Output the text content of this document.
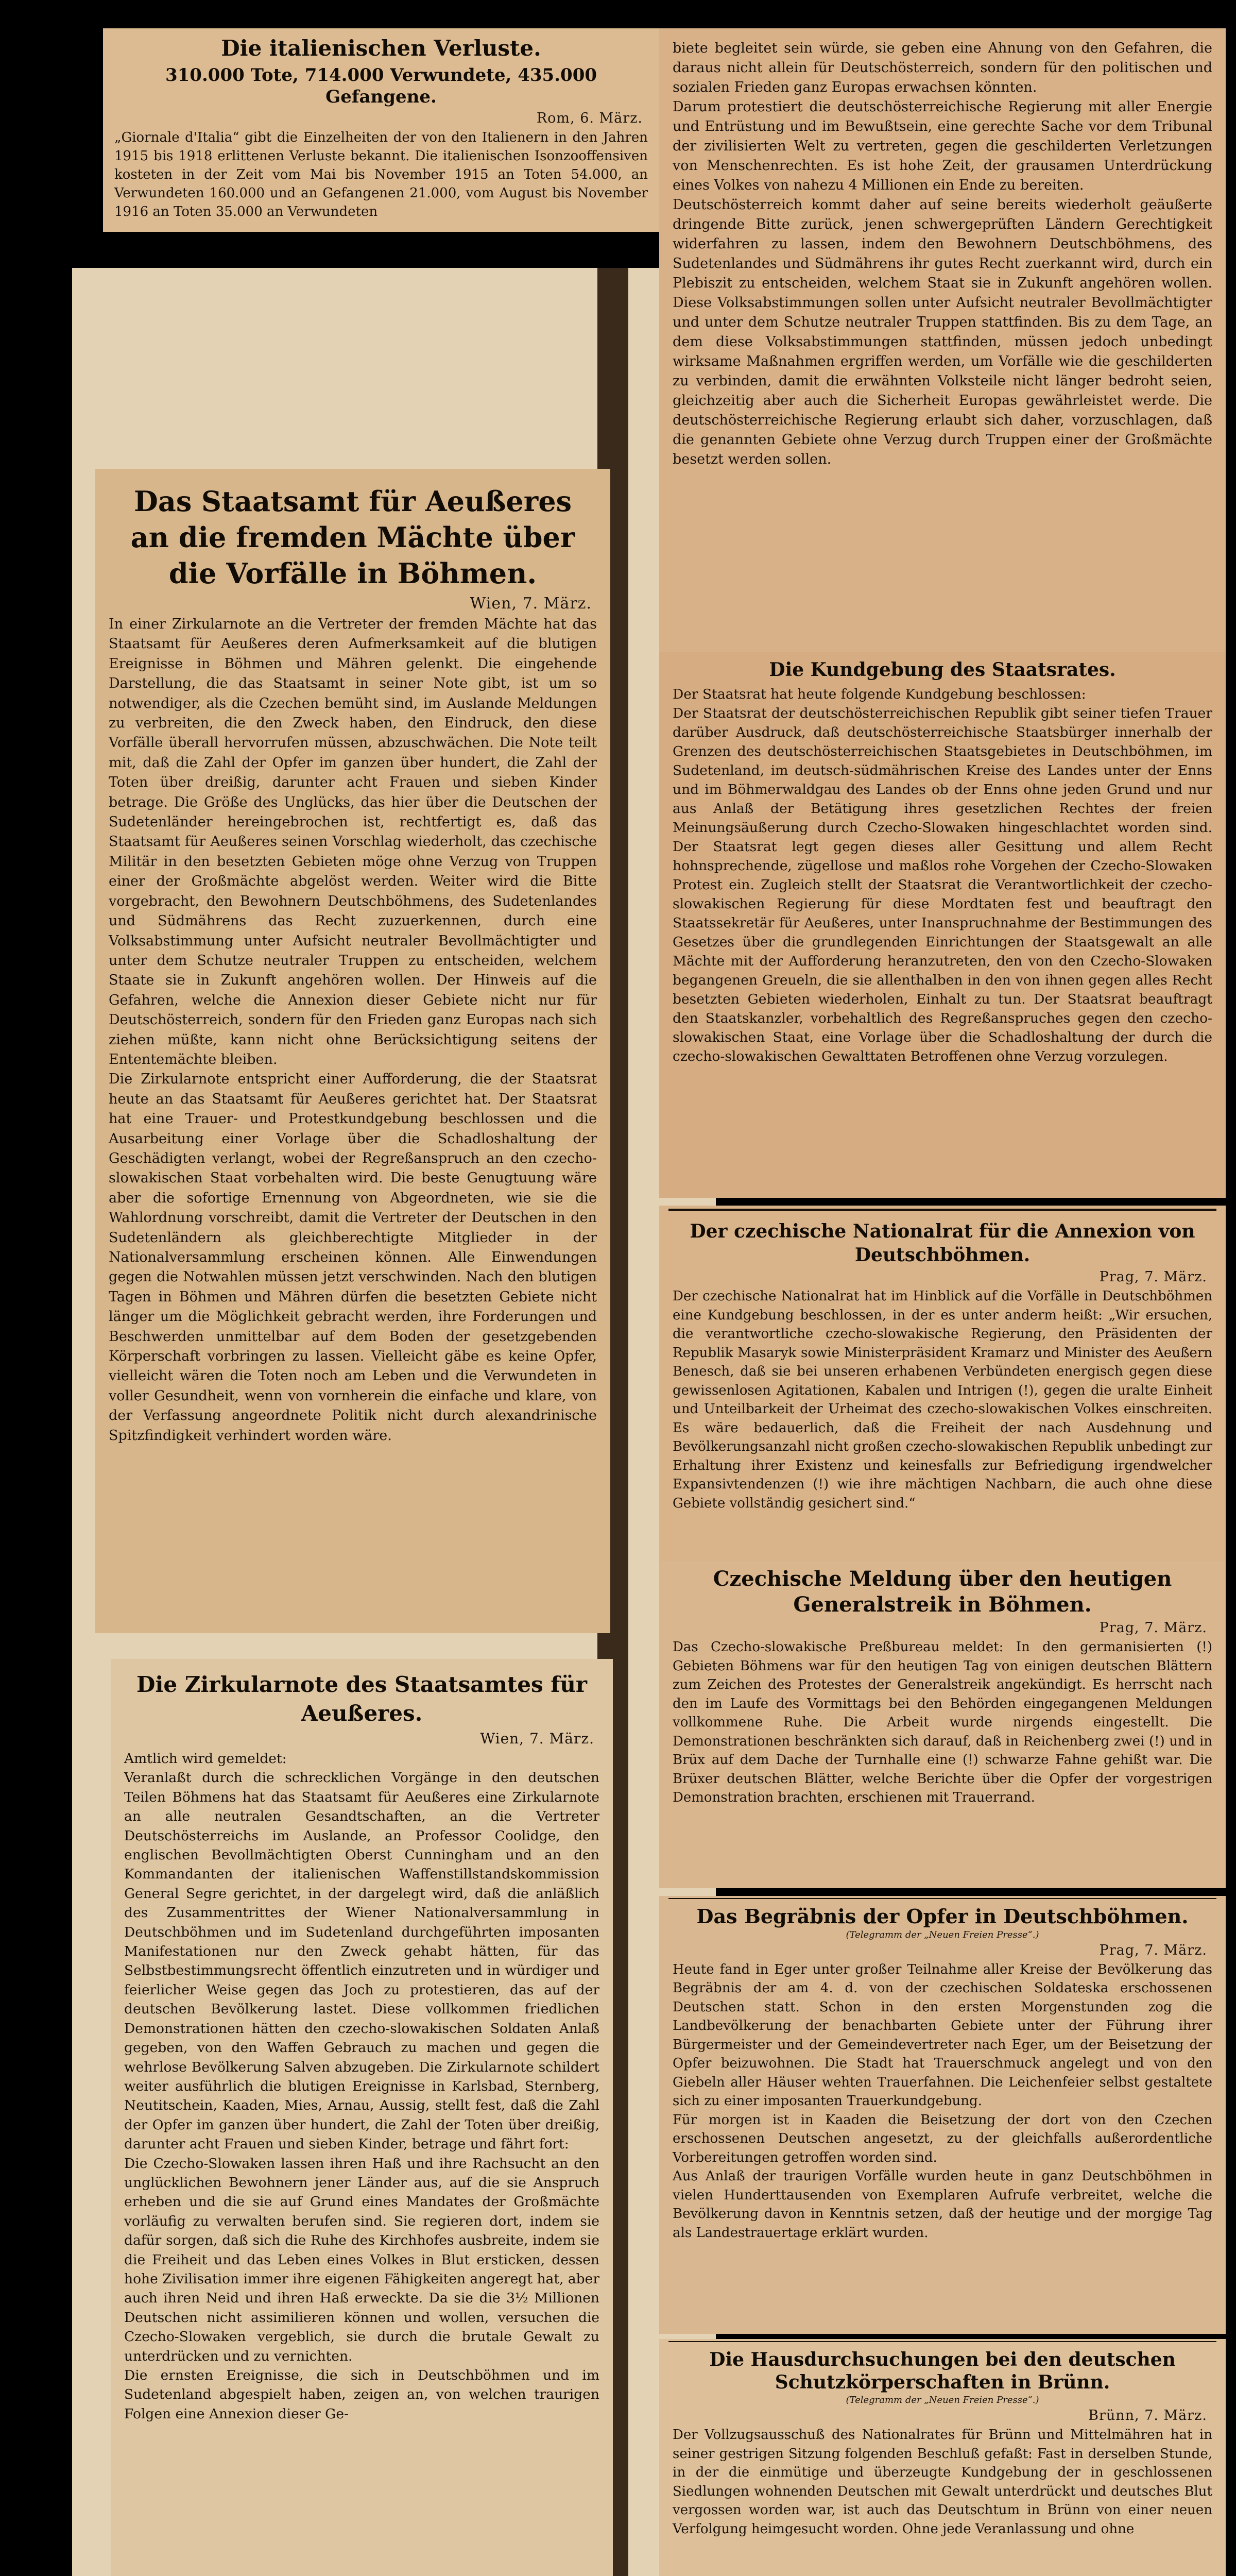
Die italienischen Verluste.
310.000 Tote, 714.000 Verwundete, 435.000 Gefangene.
Rom, 6. März.
„Giornale d'Italia“ gibt die Einzelheiten der von den Italienern in den Jahren 1915 bis 1918 erlittenen Verluste bekannt. Die italienischen Isonzooffensiven kosteten in der Zeit vom Mai bis November 1915 an Toten 54.000, an Verwundeten 160.000 und an Gefangenen 21.000, vom August bis November 1916 an Toten 35.000 an Verwundeten
Das Staatsamt für Aeußeres an die fremden Mächte über die Vorfälle in Böhmen.
Wien, 7. März.
In einer Zirkularnote an die Vertreter der fremden Mächte hat das Staatsamt für Aeußeres deren Aufmerksamkeit auf die blutigen Ereignisse in Böhmen und Mähren gelenkt. Die eingehende Darstellung, die das Staatsamt in seiner Note gibt, ist um so notwendiger, als die Czechen bemüht sind, im Auslande Meldungen zu verbreiten, die den Zweck haben, den Eindruck, den diese Vorfälle überall hervorrufen müssen, abzuschwächen. Die Note teilt mit, daß die Zahl der Opfer im ganzen über hundert, die Zahl der Toten über dreißig, darunter acht Frauen und sieben Kinder betrage. Die Größe des Unglücks, das hier über die Deutschen der Sudetenländer hereingebrochen ist, rechtfertigt es, daß das Staatsamt für Aeußeres seinen Vorschlag wiederholt, das czechische Militär in den besetzten Gebieten möge ohne Verzug von Truppen einer der Großmächte abgelöst werden. Weiter wird die Bitte vorgebracht, den Bewohnern Deutschböhmens, des Sudetenlandes und Südmährens das Recht zuzuerkennen, durch eine Volksabstimmung unter Aufsicht neutraler Bevollmächtigter und unter dem Schutze neutraler Truppen zu entscheiden, welchem Staate sie in Zukunft angehören wollen. Der Hinweis auf die Gefahren, welche die Annexion dieser Gebiete nicht nur für Deutschösterreich, sondern für den Frieden ganz Europas nach sich ziehen müßte, kann nicht ohne Berücksichtigung seitens der Ententemächte bleiben.
Die Zirkularnote entspricht einer Aufforderung, die der Staatsrat heute an das Staatsamt für Aeußeres gerichtet hat. Der Staatsrat hat eine Trauer- und Protestkundgebung beschlossen und die Ausarbeitung einer Vorlage über die Schadloshaltung der Geschädigten verlangt, wobei der Regreßanspruch an den czecho-slowakischen Staat vorbehalten wird. Die beste Genugtuung wäre aber die sofortige Ernennung von Abgeordneten, wie sie die Wahlordnung vorschreibt, damit die Vertreter der Deutschen in den Sudetenländern als gleichberechtigte Mitglieder in der Nationalversammlung erscheinen können. Alle Einwendungen gegen die Notwahlen müssen jetzt verschwinden. Nach den blutigen Tagen in Böhmen und Mähren dürfen die besetzten Gebiete nicht länger um die Möglichkeit gebracht werden, ihre Forderungen und Beschwerden unmittelbar auf dem Boden der gesetzgebenden Körperschaft vorbringen zu lassen. Vielleicht gäbe es keine Opfer, vielleicht wären die Toten noch am Leben und die Verwundeten in voller Gesundheit, wenn von vornherein die einfache und klare, von der Verfassung angeordnete Politik nicht durch alexandrinische Spitzfindigkeit verhindert worden wäre.
Die Zirkularnote des Staatsamtes für Aeußeres.
Wien, 7. März.
Amtlich wird gemeldet:
Veranlaßt durch die schrecklichen Vorgänge in den deutschen Teilen Böhmens hat das Staatsamt für Aeußeres eine Zirkularnote an alle neutralen Gesandtschaften, an die Vertreter Deutschösterreichs im Auslande, an Professor Coolidge, den englischen Bevollmächtigten Oberst Cunningham und an den Kommandanten der italienischen Waffenstillstandskommission General Segre gerichtet, in der dargelegt wird, daß die anläßlich des Zusammentrittes der Wiener Nationalversammlung in Deutschböhmen und im Sudetenland durchgeführten imposanten Manifestationen nur den Zweck gehabt hätten, für das Selbstbestimmungsrecht öffentlich einzutreten und in würdiger und feierlicher Weise gegen das Joch zu protestieren, das auf der deutschen Bevölkerung lastet. Diese vollkommen friedlichen Demonstrationen hätten den czecho-slowakischen Soldaten Anlaß gegeben, von den Waffen Gebrauch zu machen und gegen die wehrlose Bevölkerung Salven abzugeben. Die Zirkularnote schildert weiter ausführlich die blutigen Ereignisse in Karlsbad, Sternberg, Neutitschein, Kaaden, Mies, Arnau, Aussig, stellt fest, daß die Zahl der Opfer im ganzen über hundert, die Zahl der Toten über dreißig, darunter acht Frauen und sieben Kinder, betrage und fährt fort:
Die Czecho-Slowaken lassen ihren Haß und ihre Rachsucht an den unglücklichen Bewohnern jener Länder aus, auf die sie Anspruch erheben und die sie auf Grund eines Mandates der Großmächte vorläufig zu verwalten berufen sind. Sie regieren dort, indem sie dafür sorgen, daß sich die Ruhe des Kirchhofes ausbreite, indem sie die Freiheit und das Leben eines Volkes in Blut ersticken, dessen hohe Zivilisation immer ihre eigenen Fähigkeiten angeregt hat, aber auch ihren Neid und ihren Haß erweckte. Da sie die 3½ Millionen Deutschen nicht assimilieren können und wollen, versuchen die Czecho-Slowaken vergeblich, sie durch die brutale Gewalt zu unterdrücken und zu vernichten.
Die ernsten Ereignisse, die sich in Deutschböhmen und im Sudetenland abgespielt haben, zeigen an, von welchen traurigen Folgen eine Annexion dieser Ge-
biete begleitet sein würde, sie geben eine Ahnung von den Gefahren, die daraus nicht allein für Deutschösterreich, sondern für den politischen und sozialen Frieden ganz Europas erwachsen könnten.
Darum protestiert die deutschösterreichische Regierung mit aller Energie und Entrüstung und im Bewußtsein, eine gerechte Sache vor dem Tribunal der zivilisierten Welt zu vertreten, gegen die geschilderten Verletzungen von Menschenrechten. Es ist hohe Zeit, der grausamen Unterdrückung eines Volkes von nahezu 4 Millionen ein Ende zu bereiten.
Deutschösterreich kommt daher auf seine bereits wiederholt geäußerte dringende Bitte zurück, jenen schwergeprüften Ländern Gerechtigkeit widerfahren zu lassen, indem den Bewohnern Deutschböhmens, des Sudetenlandes und Südmährens ihr gutes Recht zuerkannt wird, durch ein Plebiszit zu entscheiden, welchem Staat sie in Zukunft angehören wollen. Diese Volksabstimmungen sollen unter Aufsicht neutraler Bevollmächtigter und unter dem Schutze neutraler Truppen stattfinden. Bis zu dem Tage, an dem diese Volksabstimmungen stattfinden, müssen jedoch unbedingt wirksame Maßnahmen ergriffen werden, um Vorfälle wie die geschilderten zu verbinden, damit die erwähnten Volksteile nicht länger bedroht seien, gleichzeitig aber auch die Sicherheit Europas gewährleistet werde. Die deutschösterreichische Regierung erlaubt sich daher, vorzuschlagen, daß die genannten Gebiete ohne Verzug durch Truppen einer der Großmächte besetzt werden sollen.
Die Kundgebung des Staatsrates.
Der Staatsrat hat heute folgende Kundgebung beschlossen:
Der Staatsrat der deutschösterreichischen Republik gibt seiner tiefen Trauer darüber Ausdruck, daß deutschösterreichische Staatsbürger innerhalb der Grenzen des deutschösterreichischen Staatsgebietes in Deutschböhmen, im Sudetenland, im deutsch-südmährischen Kreise des Landes unter der Enns und im Böhmerwaldgau des Landes ob der Enns ohne jeden Grund und nur aus Anlaß der Betätigung ihres gesetzlichen Rechtes der freien Meinungsäußerung durch Czecho-Slowaken hingeschlachtet worden sind. Der Staatsrat legt gegen dieses aller Gesittung und allem Recht hohnsprechende, zügellose und maßlos rohe Vorgehen der Czecho-Slowaken Protest ein. Zugleich stellt der Staatsrat die Verantwortlichkeit der czecho-slowakischen Regierung für diese Mordtaten fest und beauftragt den Staatssekretär für Aeußeres, unter Inanspruchnahme der Bestimmungen des Gesetzes über die grundlegenden Einrichtungen der Staatsgewalt an alle Mächte mit der Aufforderung heranzutreten, den von den Czecho-Slowaken begangenen Greueln, die sie allenthalben in den von ihnen gegen alles Recht besetzten Gebieten wiederholen, Einhalt zu tun. Der Staatsrat beauftragt den Staatskanzler, vorbehaltlich des Regreßanspruches gegen den czecho-slowakischen Staat, eine Vorlage über die Schadloshaltung der durch die czecho-slowakischen Gewalttaten Betroffenen ohne Verzug vorzulegen.
Der czechische Nationalrat für die Annexion von Deutschböhmen.
Prag, 7. März.
Der czechische Nationalrat hat im Hinblick auf die Vorfälle in Deutschböhmen eine Kundgebung beschlossen, in der es unter anderm heißt: „Wir ersuchen, die verantwortliche czecho-slowakische Regierung, den Präsidenten der Republik Masaryk sowie Ministerpräsident Kramarz und Minister des Aeußern Benesch, daß sie bei unseren erhabenen Verbündeten energisch gegen diese gewissenlosen Agitationen, Kabalen und Intrigen (!), gegen die uralte Einheit und Unteilbarkeit der Urheimat des czecho-slowakischen Volkes einschreiten. Es wäre bedauerlich, daß die Freiheit der nach Ausdehnung und Bevölkerungsanzahl nicht großen czecho-slowakischen Republik unbedingt zur Erhaltung ihrer Existenz und keinesfalls zur Befriedigung irgendwelcher Expansivtendenzen (!) wie ihre mächtigen Nachbarn, die auch ohne diese Gebiete vollständig gesichert sind.“
Czechische Meldung über den heutigen Generalstreik in Böhmen.
Prag, 7. März.
Das Czecho-slowakische Preßbureau meldet: In den germanisierten (!) Gebieten Böhmens war für den heutigen Tag von einigen deutschen Blättern zum Zeichen des Protestes der Generalstreik angekündigt. Es herrscht nach den im Laufe des Vormittags bei den Behörden eingegangenen Meldungen vollkommene Ruhe. Die Arbeit wurde nirgends eingestellt. Die Demonstrationen beschränkten sich darauf, daß in Reichenberg zwei (!) und in Brüx auf dem Dache der Turnhalle eine (!) schwarze Fahne gehißt war. Die Brüxer deutschen Blätter, welche Berichte über die Opfer der vorgestrigen Demonstration brachten, erschienen mit Trauerrand.
Das Begräbnis der Opfer in Deutschböhmen.
(Telegramm der „Neuen Freien Presse“.)
Prag, 7. März.
Heute fand in Eger unter großer Teilnahme aller Kreise der Bevölkerung das Begräbnis der am 4. d. von der czechischen Soldateska erschossenen Deutschen statt. Schon in den ersten Morgenstunden zog die Landbevölkerung der benachbarten Gebiete unter der Führung ihrer Bürgermeister und der Gemeindevertreter nach Eger, um der Beisetzung der Opfer beizuwohnen. Die Stadt hat Trauerschmuck angelegt und von den Giebeln aller Häuser wehten Trauerfahnen. Die Leichenfeier selbst gestaltete sich zu einer imposanten Trauerkundgebung.
Für morgen ist in Kaaden die Beisetzung der dort von den Czechen erschossenen Deutschen angesetzt, zu der gleichfalls außerordentliche Vorbereitungen getroffen worden sind.
Aus Anlaß der traurigen Vorfälle wurden heute in ganz Deutschböhmen in vielen Hunderttausenden von Exemplaren Aufrufe verbreitet, welche die Bevölkerung davon in Kenntnis setzen, daß der heutige und der morgige Tag als Landestrauertage erklärt wurden.
Die Hausdurchsuchungen bei den deutschen Schutzkörperschaften in Brünn.
(Telegramm der „Neuen Freien Presse“.)
Brünn, 7. März.
Der Vollzugsausschuß des Nationalrates für Brünn und Mittelmähren hat in seiner gestrigen Sitzung folgenden Beschluß gefaßt: Fast in derselben Stunde, in der die einmütige und überzeugte Kundgebung der in geschlossenen Siedlungen wohnenden Deutschen mit Gewalt unterdrückt und deutsches Blut vergossen worden war, ist auch das Deutschtum in Brünn von einer neuen Verfolgung heimgesucht worden. Ohne jede Veranlassung und ohne
